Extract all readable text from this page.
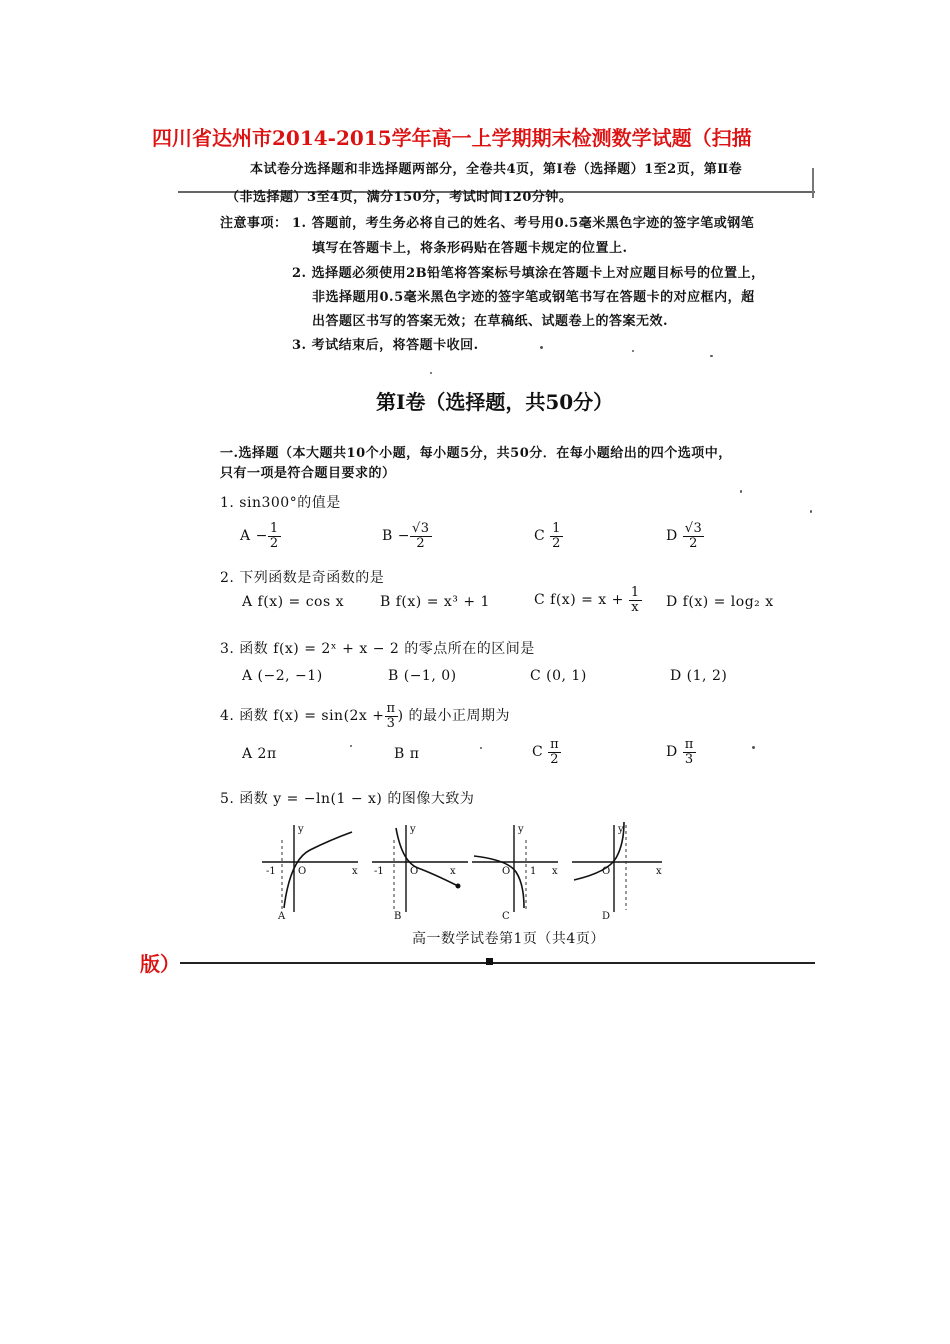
四川省达州市2014-2015学年高一上学期期末检测数学试题（扫描
版）
本试卷分选择题和非选择题两部分，全卷共4页，第Ⅰ卷（选择题）1至2页，第Ⅱ卷
（非选择题）3至4页，满分150分，考试时间120分钟。
注意事项： 1. 答题前，考生务必将自己的姓名、考号用0.5毫米黑色字迹的签字笔或钢笔
填写在答题卡上，将条形码贴在答题卡规定的位置上.
2. 选择题必须使用2B铅笔将答案标号填涂在答题卡上对应题目标号的位置上，
非选择题用0.5毫米黑色字迹的签字笔或钢笔书写在答题卡的对应框内，超
出答题区书写的答案无效；在草稿纸、试题卷上的答案无效.
3. 考试结束后，将答题卡收回.
第Ⅰ卷（选择题，共50分）
一.选择题（本大题共10个小题，每小题5分，共50分．在每小题给出的四个选项中，
只有一项是符合题目要求的）
1. sin300°的值是
$A - \frac{1}{2}$	$B - \frac{√3}{2}$	C $\frac{1}{2}$	D $\frac{√3}{2}$
2. 下列函数是奇函数的是
A f(x) = cos x	B f(x) = x³ + 1	C $f(x) = x + \frac{1}{x}$ D f(x) = log₂ x
3. 函数 f(x) = 2ˣ + x − 2 的零点所在的区间是
A (−2, −1)	B (−1, 0)	C (0, 1)	D (1, 2)
4. 函数 $f(x) = \sin(2x + \frac{\pi}{3}$ ) 的最小正周期为
A 2π	B π	C $\frac{\pi}{2}$	D $\frac{\pi}{3}$
5. 函数 y = −ln(1 − x) 的图像大致为
y
x
O
-1
A
y
x
O
-1
B
y
x
O 1
C
y
x
O
D
高一数学试卷第1页（共4页）
